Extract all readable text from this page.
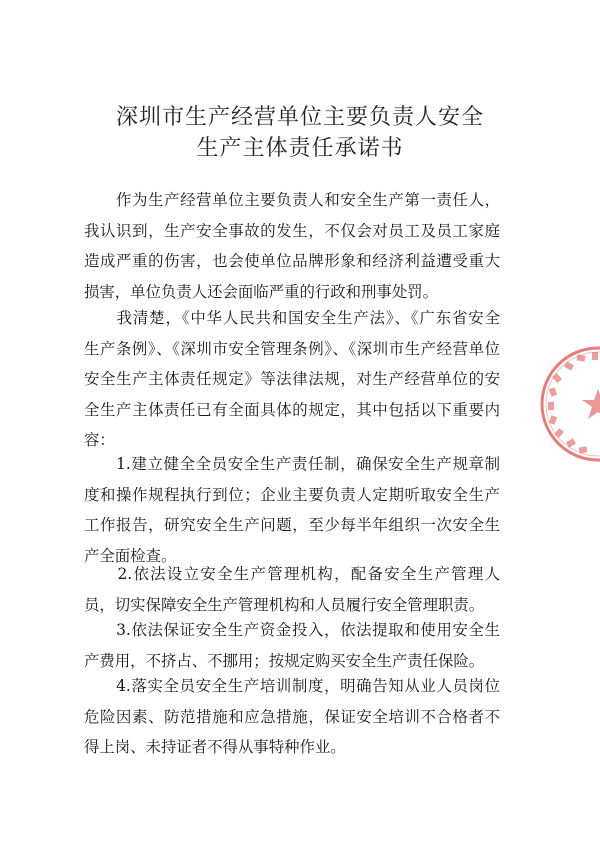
深圳市生产经营单位主要负责人安全
生产主体责任承诺书

　　作为生产经营单位主要负责人和安全生产第一责任人，
我认识到，生产安全事故的发生，不仅会对员工及员工家庭
造成严重的伤害，也会使单位品牌形象和经济利益遭受重大
损害，单位负责人还会面临严重的行政和刑事处罚。

　　我清楚，《中华人民共和国安全生产法》、《广东省安全
生产条例》、《深圳市安全管理条例》、《深圳市生产经营单位
安全生产主体责任规定》等法律法规，对生产经营单位的安
全生产主体责任已有全面具体的规定，其中包括以下重要内
容：

　　1.建立健全全员安全生产责任制，确保安全生产规章制
度和操作规程执行到位；企业主要负责人定期听取安全生产
工作报告，研究安全生产问题，至少每半年组织一次安全生
产全面检查。

　　2.依法设立安全生产管理机构，配备安全生产管理人
员，切实保障安全生产管理机构和人员履行安全管理职责。

　　3.依法保证安全生产资金投入，依法提取和使用安全生
产费用，不挤占、不挪用；按规定购买安全生产责任保险。

　　4.落实全员安全生产培训制度，明确告知从业人员岗位
危险因素、防范措施和应急措施，保证安全培训不合格者不
得上岗、未持证者不得从事特种作业。
